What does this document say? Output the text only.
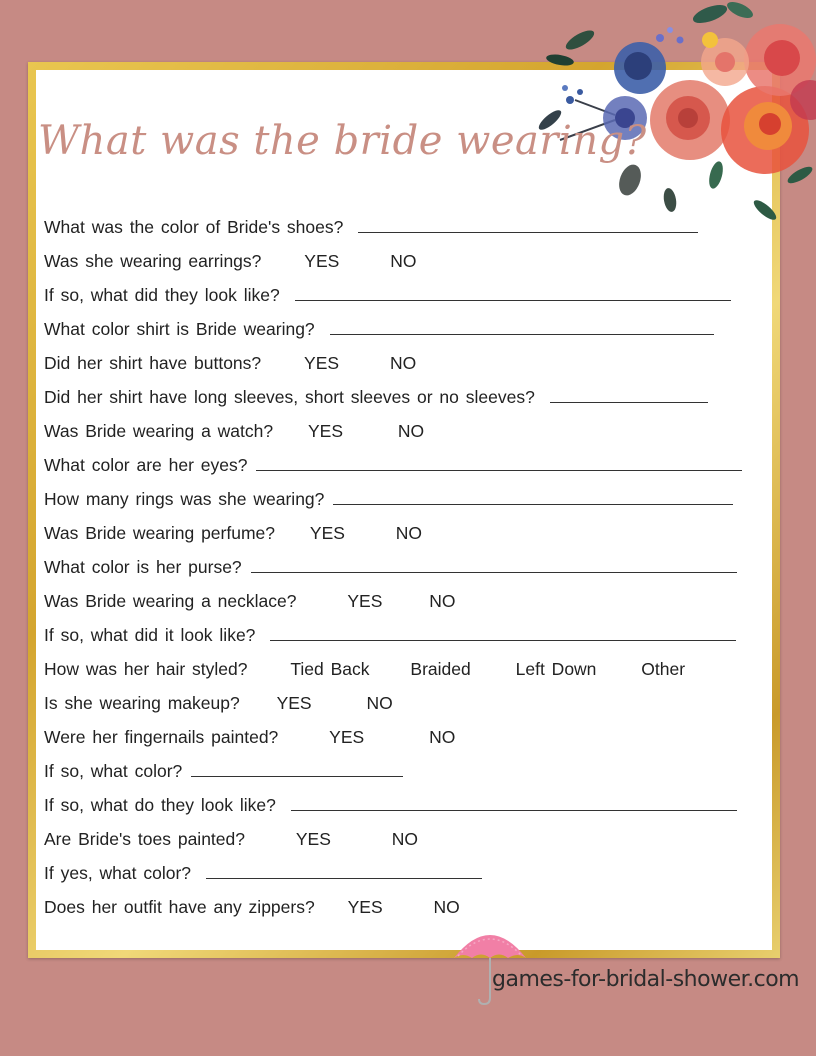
What was the bride wearing?
What was the color of Bride's shoes?
Was she wearing earrings? YES	NO
If so, what did they look like?
What color shirt is Bride wearing?
Did her shirt have buttons? YES	NO
Did her shirt have long sleeves, short sleeves or no sleeves?
Was Bride wearing a watch? YES	NO
What color are her eyes?
How many rings was she wearing?
Was Bride wearing perfume? YES	NO
What color is her purse?
Was Bride wearing a necklace?	YES	NO
If so, what did it look like?
How was her hair styled? Tied Back Braided	Left Down	Other
Is she wearing makeup? YES	NO
Were her fingernails painted?	YES	NO
If so, what color?
If so, what do they look like?
Are Bride's toes painted?	YES	NO
If yes, what color?
Does her outfit have any zippers? YES	NO
games-for-bridal-shower.com
